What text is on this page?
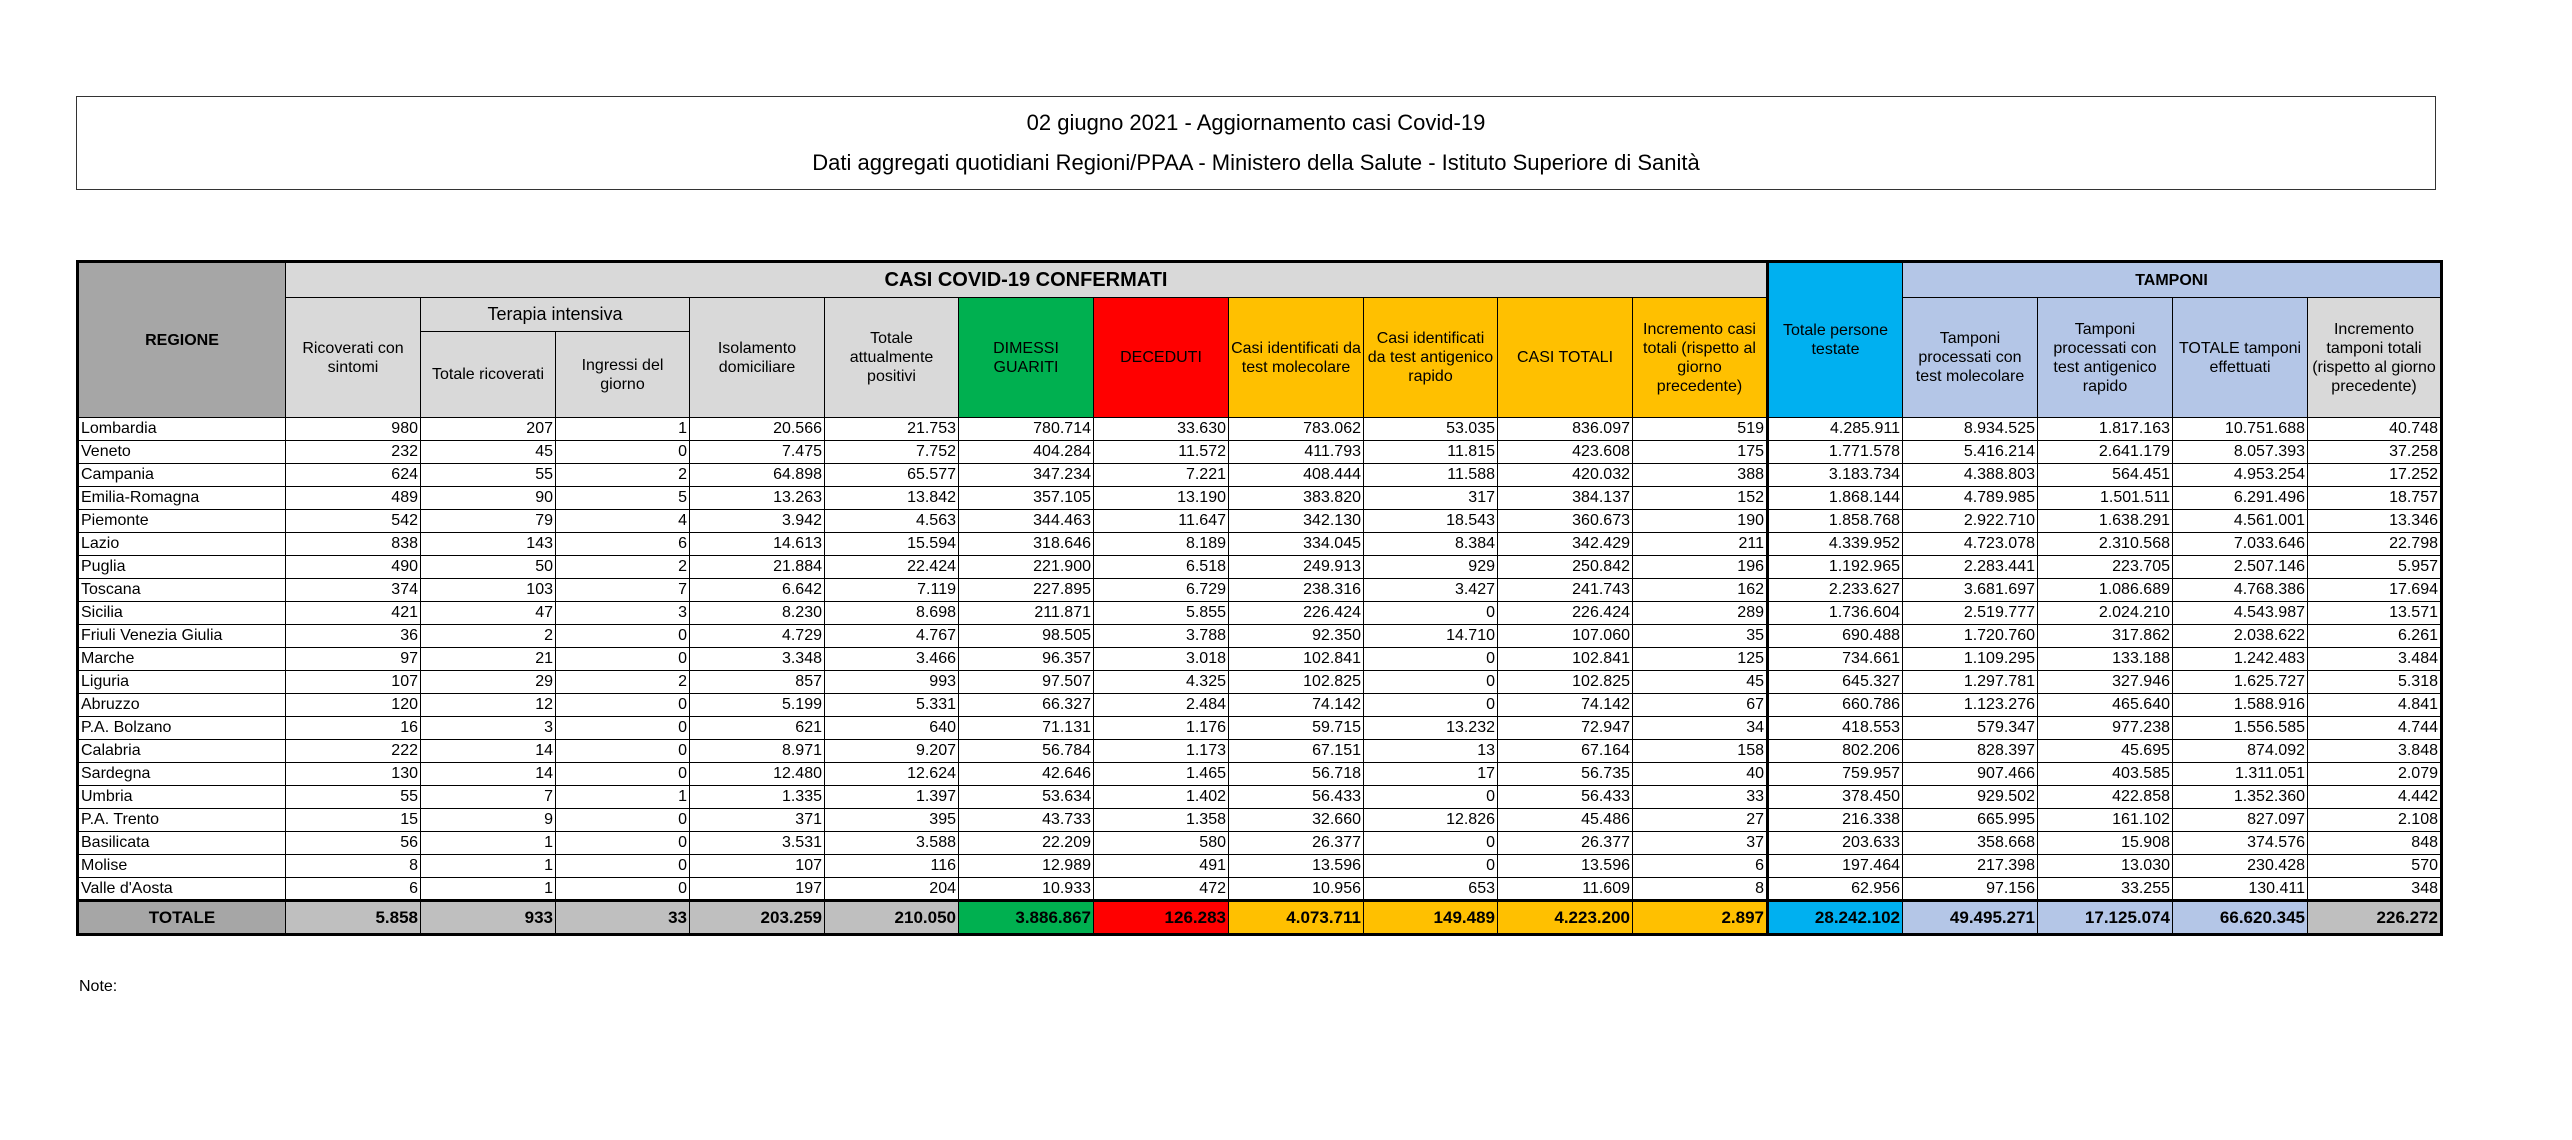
02 giugno 2021 - Aggiornamento casi Covid-19
Dati aggregati quotidiani Regioni/PPAA - Ministero della Salute - Istituto Superiore di Sanità
REGIONE	CASI COVID-19 CONFERMATI											Totale persone testate	TAMPONI			
	Ricoverati con sintomi	Terapia intensiva		Isolamento domiciliare	Totale attualmente positivi	DIMESSI GUARITI	DECEDUTI	Casi identificati da test molecolare	Casi identificati da test antigenico rapido	CASI TOTALI	Incremento casi totali (rispetto al giorno precedente)		Tamponi processati con test molecolare	Tamponi processati con test antigenico rapido	TOTALE tamponi effettuati	Incremento tamponi totali (rispetto al giorno precedente)
		Totale ricoverati	Ingressi del giorno													
Lombardia	980	207	1	20.566	21.753	780.714	33.630	783.062	53.035	836.097	519	4.285.911	8.934.525	1.817.163	10.751.688	40.748
Veneto	232	45	0	7.475	7.752	404.284	11.572	411.793	11.815	423.608	175	1.771.578	5.416.214	2.641.179	8.057.393	37.258
Campania	624	55	2	64.898	65.577	347.234	7.221	408.444	11.588	420.032	388	3.183.734	4.388.803	564.451	4.953.254	17.252
Emilia-Romagna	489	90	5	13.263	13.842	357.105	13.190	383.820	317	384.137	152	1.868.144	4.789.985	1.501.511	6.291.496	18.757
Piemonte	542	79	4	3.942	4.563	344.463	11.647	342.130	18.543	360.673	190	1.858.768	2.922.710	1.638.291	4.561.001	13.346
Lazio	838	143	6	14.613	15.594	318.646	8.189	334.045	8.384	342.429	211	4.339.952	4.723.078	2.310.568	7.033.646	22.798
Puglia	490	50	2	21.884	22.424	221.900	6.518	249.913	929	250.842	196	1.192.965	2.283.441	223.705	2.507.146	5.957
Toscana	374	103	7	6.642	7.119	227.895	6.729	238.316	3.427	241.743	162	2.233.627	3.681.697	1.086.689	4.768.386	17.694
Sicilia	421	47	3	8.230	8.698	211.871	5.855	226.424	0	226.424	289	1.736.604	2.519.777	2.024.210	4.543.987	13.571
Friuli Venezia Giulia	36	2	0	4.729	4.767	98.505	3.788	92.350	14.710	107.060	35	690.488	1.720.760	317.862	2.038.622	6.261
Marche	97	21	0	3.348	3.466	96.357	3.018	102.841	0	102.841	125	734.661	1.109.295	133.188	1.242.483	3.484
Liguria	107	29	2	857	993	97.507	4.325	102.825	0	102.825	45	645.327	1.297.781	327.946	1.625.727	5.318
Abruzzo	120	12	0	5.199	5.331	66.327	2.484	74.142	0	74.142	67	660.786	1.123.276	465.640	1.588.916	4.841
P.A. Bolzano	16	3	0	621	640	71.131	1.176	59.715	13.232	72.947	34	418.553	579.347	977.238	1.556.585	4.744
Calabria	222	14	0	8.971	9.207	56.784	1.173	67.151	13	67.164	158	802.206	828.397	45.695	874.092	3.848
Sardegna	130	14	0	12.480	12.624	42.646	1.465	56.718	17	56.735	40	759.957	907.466	403.585	1.311.051	2.079
Umbria	55	7	1	1.335	1.397	53.634	1.402	56.433	0	56.433	33	378.450	929.502	422.858	1.352.360	4.442
P.A. Trento	15	9	0	371	395	43.733	1.358	32.660	12.826	45.486	27	216.338	665.995	161.102	827.097	2.108
Basilicata	56	1	0	3.531	3.588	22.209	580	26.377	0	26.377	37	203.633	358.668	15.908	374.576	848
Molise	8	1	0	107	116	12.989	491	13.596	0	13.596	6	197.464	217.398	13.030	230.428	570
Valle d'Aosta	6	1	0	197	204	10.933	472	10.956	653	11.609	8	62.956	97.156	33.255	130.411	348
TOTALE	5.858	933	33	203.259	210.050	3.886.867	126.283	4.073.711	149.489	4.223.200	2.897	28.242.102	49.495.271	17.125.074	66.620.345	226.272
Note:
